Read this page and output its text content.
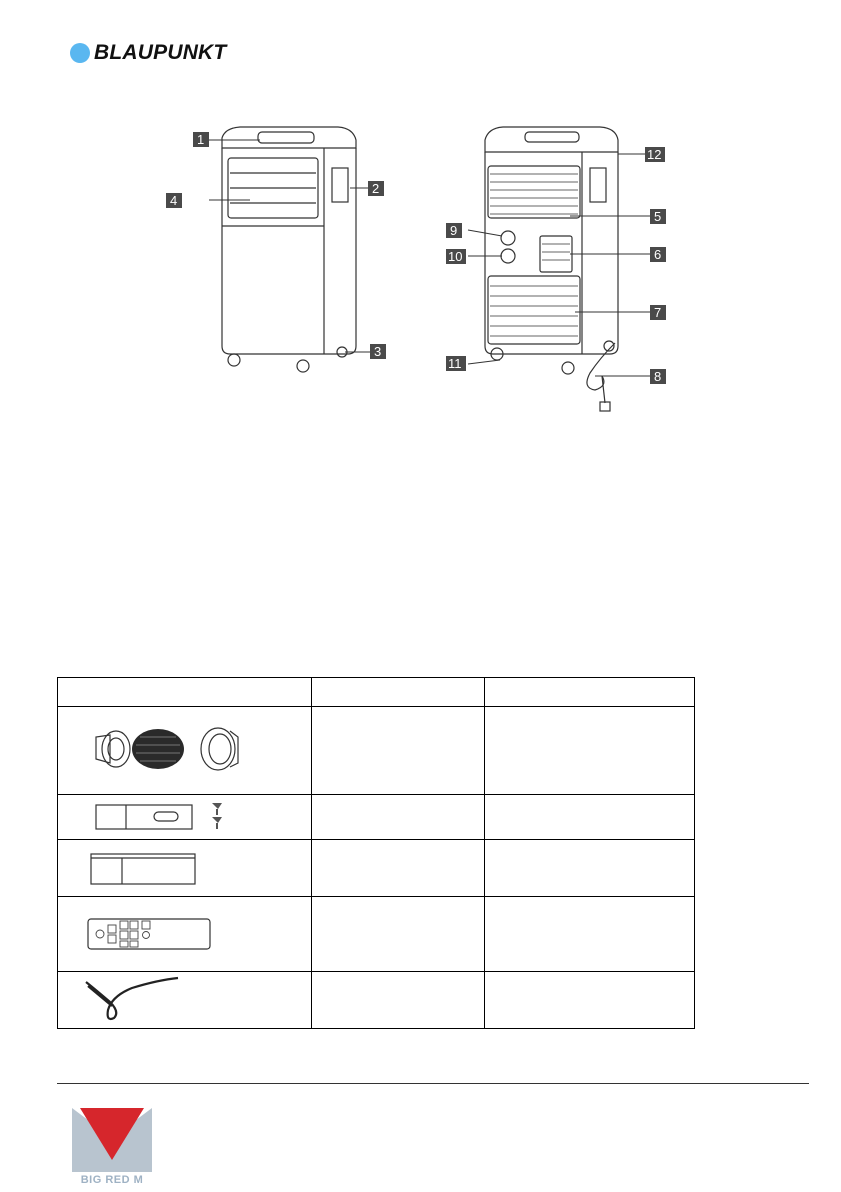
BLAUPUNKT
1
2
3
4
5
6
7
8
9
10
11
12

BIG RED M
